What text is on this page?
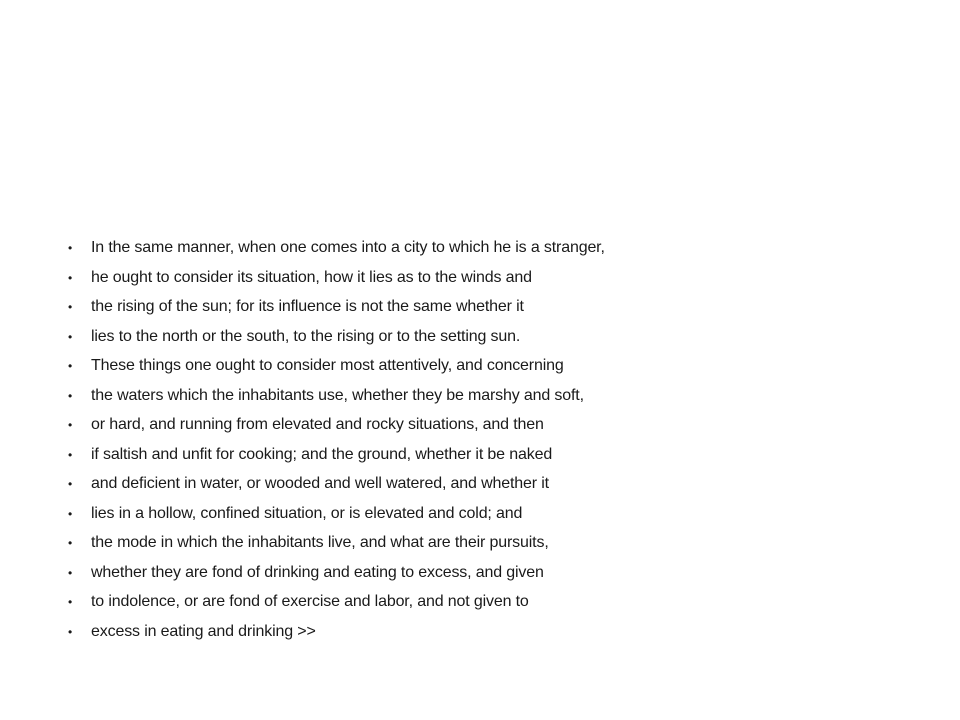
•	In the same manner, when one comes into a city to which he is a stranger,
•	he ought to consider its situation, how it lies as to the winds and
•	the rising of the sun; for its influence is not the same whether it
•	lies to the north or the south, to the rising or to the setting sun.
•	These things one ought to consider most attentively, and concerning
•	the waters which the inhabitants use, whether they be marshy and soft,
•	or hard, and running from elevated and rocky situations, and then
•	if saltish and unfit for cooking; and the ground, whether it be naked
•	and deficient in water, or wooded and well watered, and whether it
•	lies in a hollow, confined situation, or is elevated and cold; and
•	the mode in which the inhabitants live, and what are their pursuits,
•	whether they are fond of drinking and eating to excess, and given
•	to indolence, or are fond of exercise and labor, and not given to
•	excess in eating and drinking >>
